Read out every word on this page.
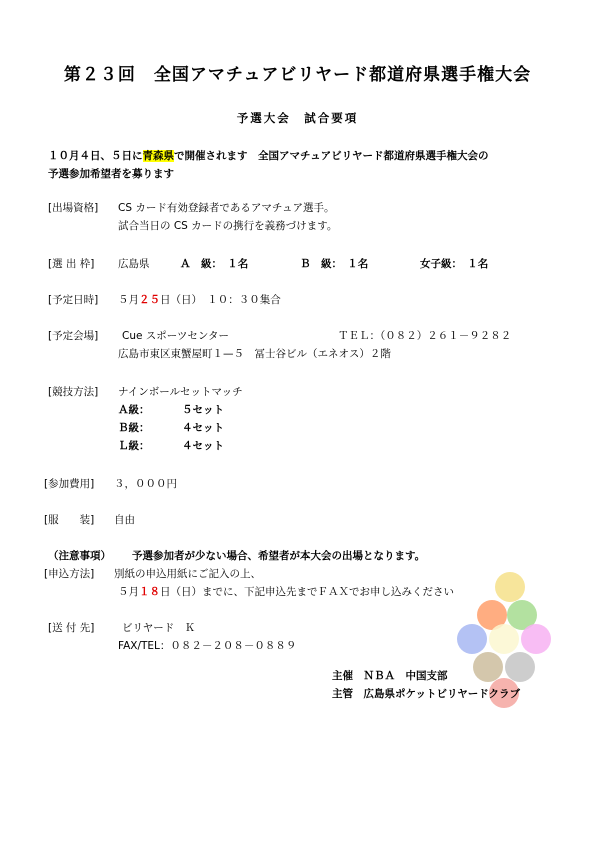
第２３回　全国アマチュアビリヤード都道府県選手権大会
予選大会　試合要項
１０月４日、５日に青森県で開催されます　全国アマチュアビリヤード都道府県選手権大会の
予選参加希望者を募ります
[出場資格] CS カード有効登録者であるアマチュア選手。
試合当日の CS カードの携行を義務づけます。
[選 出 枠] 広島県	Ａ　級：　１名	Ｂ　級：　１名	女子級：　１名
[予定日時] ５月２５日（日）　１０：３０集合
[予定会場] Cue スポーツセンター	ＴＥＬ：（０８２）２６１－９２８２
広島市東区東蟹屋町１—５　冨士谷ビル（エネオス）２階
[競技方法] ナインボールセットマッチ
Ａ級：	５セット
Ｂ級：	４セット
Ｌ級：	４セット
[参加費用] ３，０００円
[服　　装] 自由
（注意事項） 予選参加者が少ない場合、希望者が本大会の出場となります。
[申込方法] 別紙の申込用紙にご記入の上、
５月１８日（日）までに、下記申込先までＦＡＸでお申し込みください
[送 付 先]	ビリヤード　Ｋ
FAX/TEL：０８２－２０８－０８８９
主催　ＮＢＡ　中国支部
主管　広島県ポケットビリヤードクラブ
